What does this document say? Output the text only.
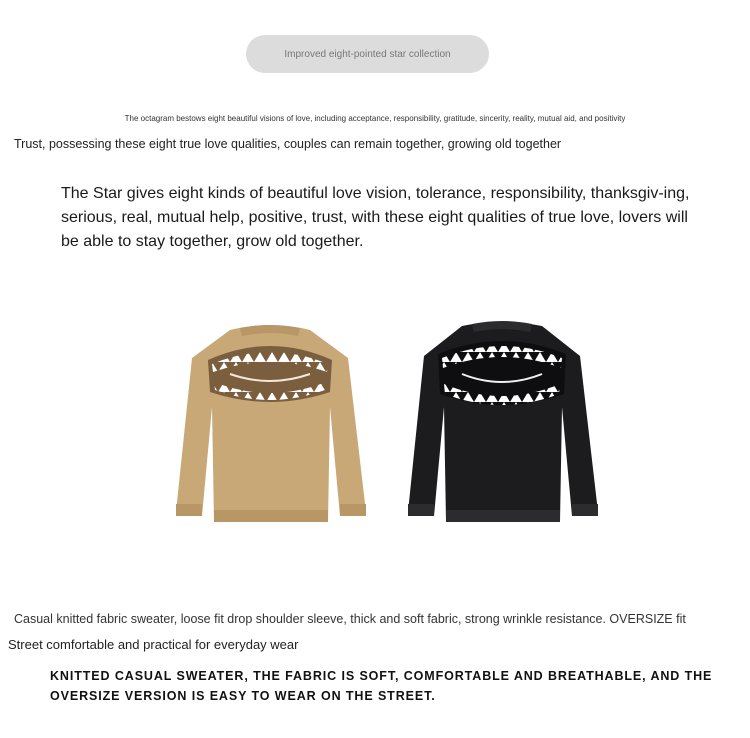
Improved eight-pointed star collection
The octagram bestows eight beautiful visions of love, including acceptance, responsibility, gratitude, sincerity, reality, mutual aid, and positivity
Trust, possessing these eight true love qualities, couples can remain together, growing old together
The Star gives eight kinds of beautiful love vision, tolerance, responsibility, thanksgiv-ing, serious, real, mutual help, positive, trust, with these eight qualities of true love, lovers will be able to stay together, grow old together.
Casual knitted fabric sweater, loose fit drop shoulder sleeve, thick and soft fabric, strong wrinkle resistance. OVERSIZE fit
Street comfortable and practical for everyday wear
KNITTED CASUAL SWEATER, THE FABRIC IS SOFT, COMFORTABLE AND BREATHABLE, AND THE OVERSIZE VERSION IS EASY TO WEAR ON THE STREET.
